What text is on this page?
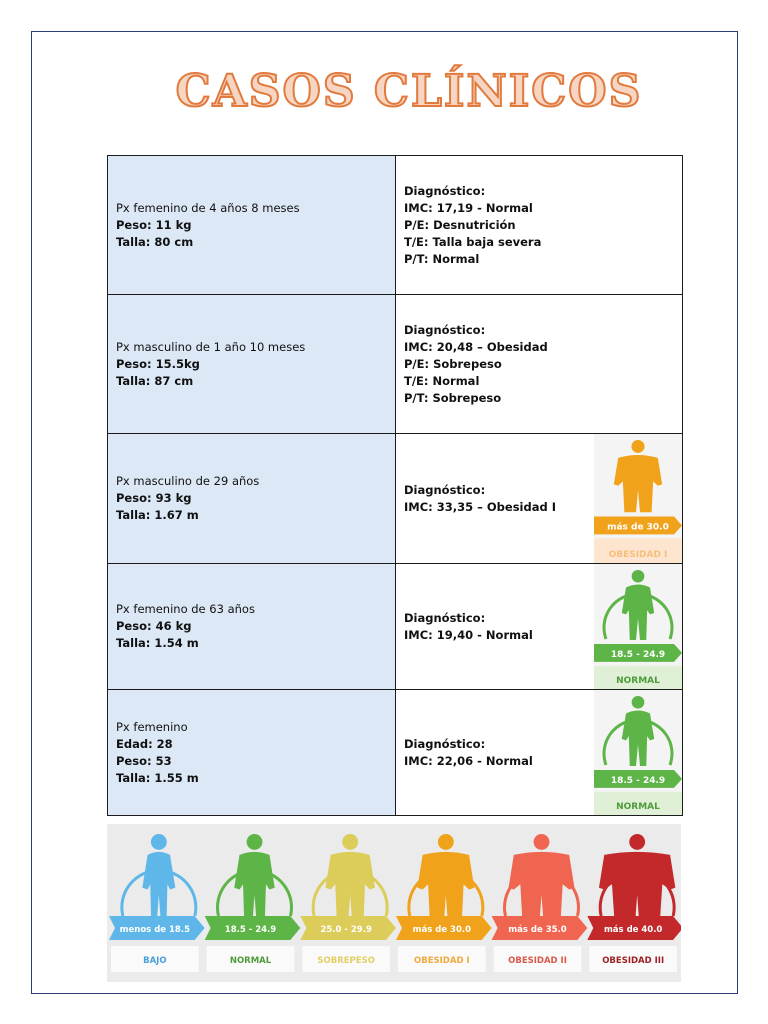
CASOS CLÍNICOS
Px femenino de 4 años 8 meses
Peso: 11 kg
Talla: 80 cm	Diagnóstico:
IMC: 17,19 - Normal
P/E: Desnutrición
T/E: Talla baja severa
P/T: Normal

Px masculino de 1 año 10 meses
Peso: 15.5kg
Talla: 87 cm	Diagnóstico:
IMC: 20,48 – Obesidad
P/E: Sobrepeso
T/E: Normal
P/T: Sobrepeso

Px masculino de 29 años
Peso: 93 kg
Talla: 1.67 m	Diagnóstico:
IMC: 33,35 – Obesidad I
más de 30.0
OBESIDAD I

Px femenino de 63 años
Peso: 46 kg
Talla: 1.54 m	Diagnóstico:
IMC: 19,40 - Normal
18.5 - 24.9
NORMAL

Px femenino
Edad: 28
Peso: 53
Talla: 1.55 m	Diagnóstico:
IMC: 22,06 - Normal
18.5 - 24.9
NORMAL
menos de 18.5
BAJO
18.5 - 24.9
NORMAL
25.0 - 29.9
SOBREPESO
más de 30.0
OBESIDAD I
más de 35.0
OBESIDAD II
más de 40.0
OBESIDAD III
